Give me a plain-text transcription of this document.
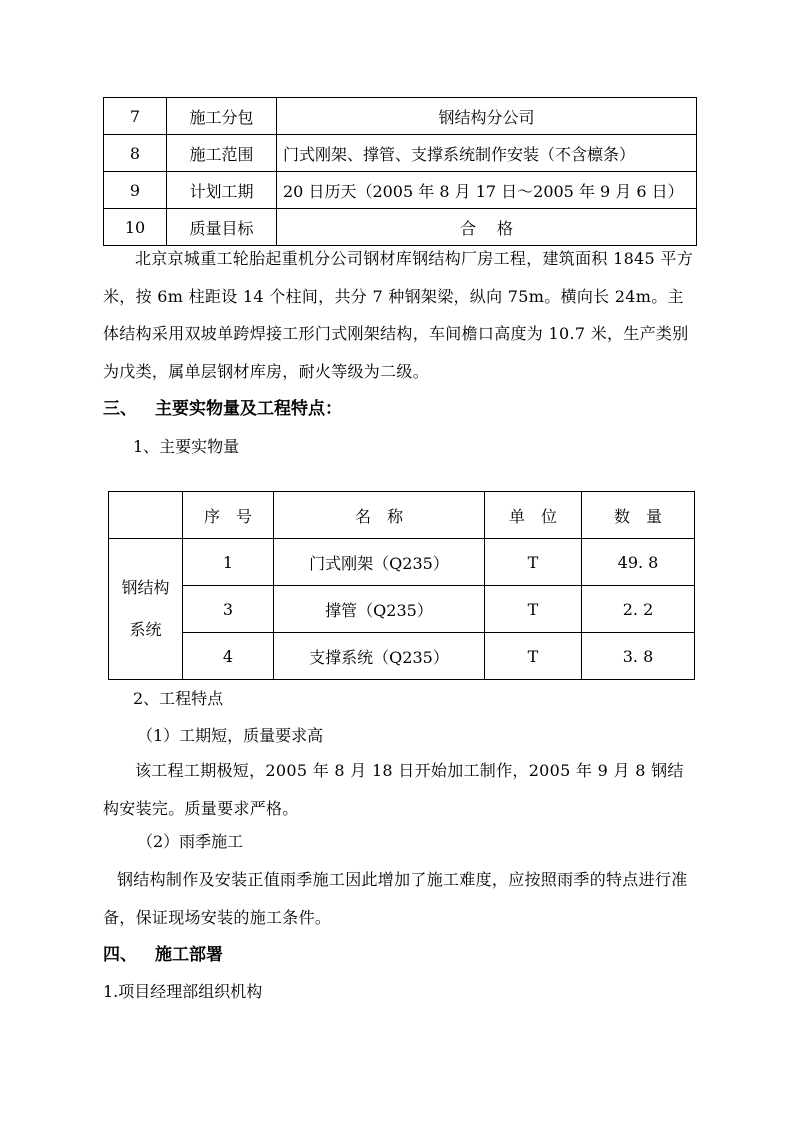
7	施工分包	钢结构分公司
8	施工范围	门式刚架、撑管、支撑系统制作安装（不含檩条）
9	计划工期	20 日历天（2005 年 8 月 17 日～2005 年 9 月 6 日）
10	质量目标	合　 格

北京京城重工轮胎起重机分公司钢材库钢结构厂房工程，建筑面积 1845 平方米，按 6m 柱距设 14 个柱间，共分 7 种钢架梁，纵向 75m。横向长 24m。主体结构采用双坡单跨焊接工形门式刚架结构，车间檐口高度为 10.7 米，生产类别为戊类，属单层钢材库房，耐火等级为二级。

三、 主要实物量及工程特点：
1、主要实物量
	序　号	名　称	单　位	数　量
钢结构
系统	1	门式刚架（Q235）	T	49. 8
	3	撑管（Q235）	T	2. 2
	4	支撑系统（Q235）	T	3. 8
2、工程特点
（1）工期短，质量要求高

该工程工期极短，2005 年 8 月 18 日开始加工制作，2005 年 9 月 8 钢结构安装完。质量要求严格。

（2）雨季施工

钢结构制作及安装正值雨季施工因此增加了施工难度，应按照雨季的特点进行准备，保证现场安装的施工条件。

四、 施工部署
1.项目经理部组织机构
